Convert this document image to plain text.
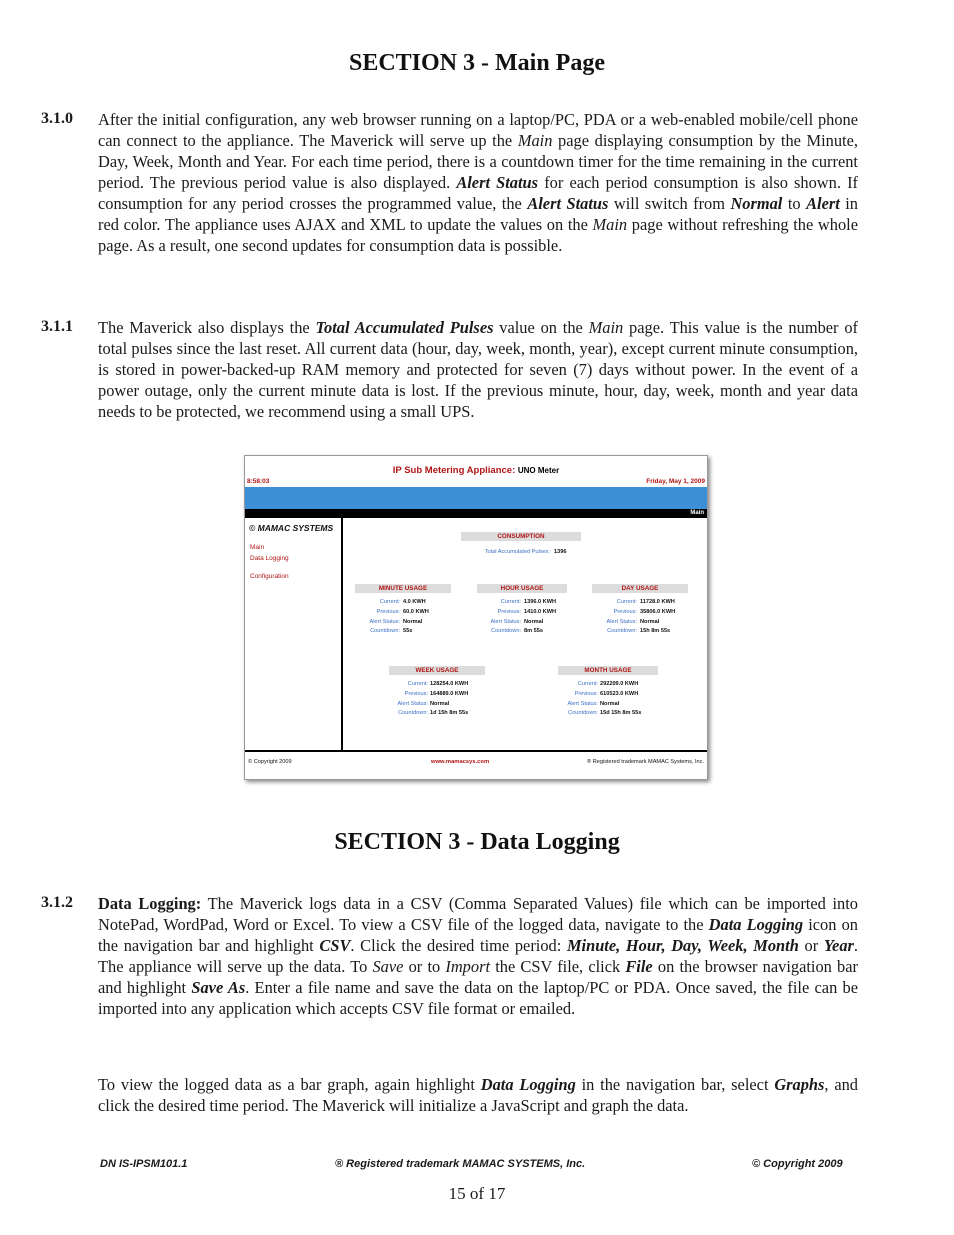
SECTION 3 - Main Page
3.1.0 After the initial configuration, any web browser running on a laptop/PC, PDA or a web-enabled mobile/cell phone can connect to the appliance. The Maverick will serve up the Main page displaying consumption by the Minute, Day, Week, Month and Year. For each time period, there is a countdown timer for the time remaining in the current period. The previous period value is also displayed. Alert Status for each period consumption is also shown. If consumption for any period crosses the programmed value, the Alert Status will switch from Normal to Alert in red color. The appliance uses AJAX and XML to update the values on the Main page without refreshing the whole page. As a result, one second updates for consumption data is possible.
3.1.1 The Maverick also displays the Total Accumulated Pulses value on the Main page. This value is the number of total pulses since the last reset. All current data (hour, day, week, month, year), except current minute consumption, is stored in power-backed-up RAM memory and protected for seven (7) days without power. In the event of a power outage, only the current minute data is lost. If the previous minute, hour, day, week, month and year data needs to be protected, we recommend using a small UPS.
IP Sub Metering Appliance: UNO Meter
8:58:03	Friday, May 1, 2009
Main
© MAMAC SYSTEMS
Main
Data Logging
Configuration
CONSUMPTION
Total Accumulated Pulses: 1396
MINUTE USAGE
Current: 4.0 KWH
Previous: 60.0 KWH
Alert Status: Normal
Countdown: 55s
HOUR USAGE
Current: 1396.0 KWH
Previous: 1410.0 KWH
Alert Status: Normal
Countdown: 8m 55s
DAY USAGE
Current: 11728.0 KWH
Previous: 35806.0 KWH
Alert Status: Normal
Countdown: 15h 8m 55s
WEEK USAGE
Current: 128254.0 KWH
Previous: 164889.0 KWH
Alert Status: Normal
Countdown: 1d 15h 8m 55s
MONTH USAGE
Current: 292209.0 KWH
Previous: 610523.0 KWH
Alert Status: Normal
Countdown: 15d 15h 8m 55s
© Copyright 2009	www.mamacsys.com	® Registered trademark MAMAC Systems, Inc.
SECTION 3 - Data Logging
3.1.2 Data Logging: The Maverick logs data in a CSV (Comma Separated Values) file which can be imported into NotePad, WordPad, Word or Excel. To view a CSV file of the logged data, navigate to the Data Logging icon on the navigation bar and highlight CSV. Click the desired time period: Minute, Hour, Day, Week, Month or Year. The appliance will serve up the data. To Save or to Import the CSV file, click File on the browser navigation bar and highlight Save As. Enter a file name and save the data on the laptop/PC or PDA. Once saved, the file can be imported into any application which accepts CSV file format or emailed.
To view the logged data as a bar graph, again highlight Data Logging in the navigation bar, select Graphs, and click the desired time period. The Maverick will initialize a JavaScript and graph the data.
DN IS-IPSM101.1	® Registered trademark MAMAC SYSTEMS, Inc.	© Copyright 2009
15 of 17
